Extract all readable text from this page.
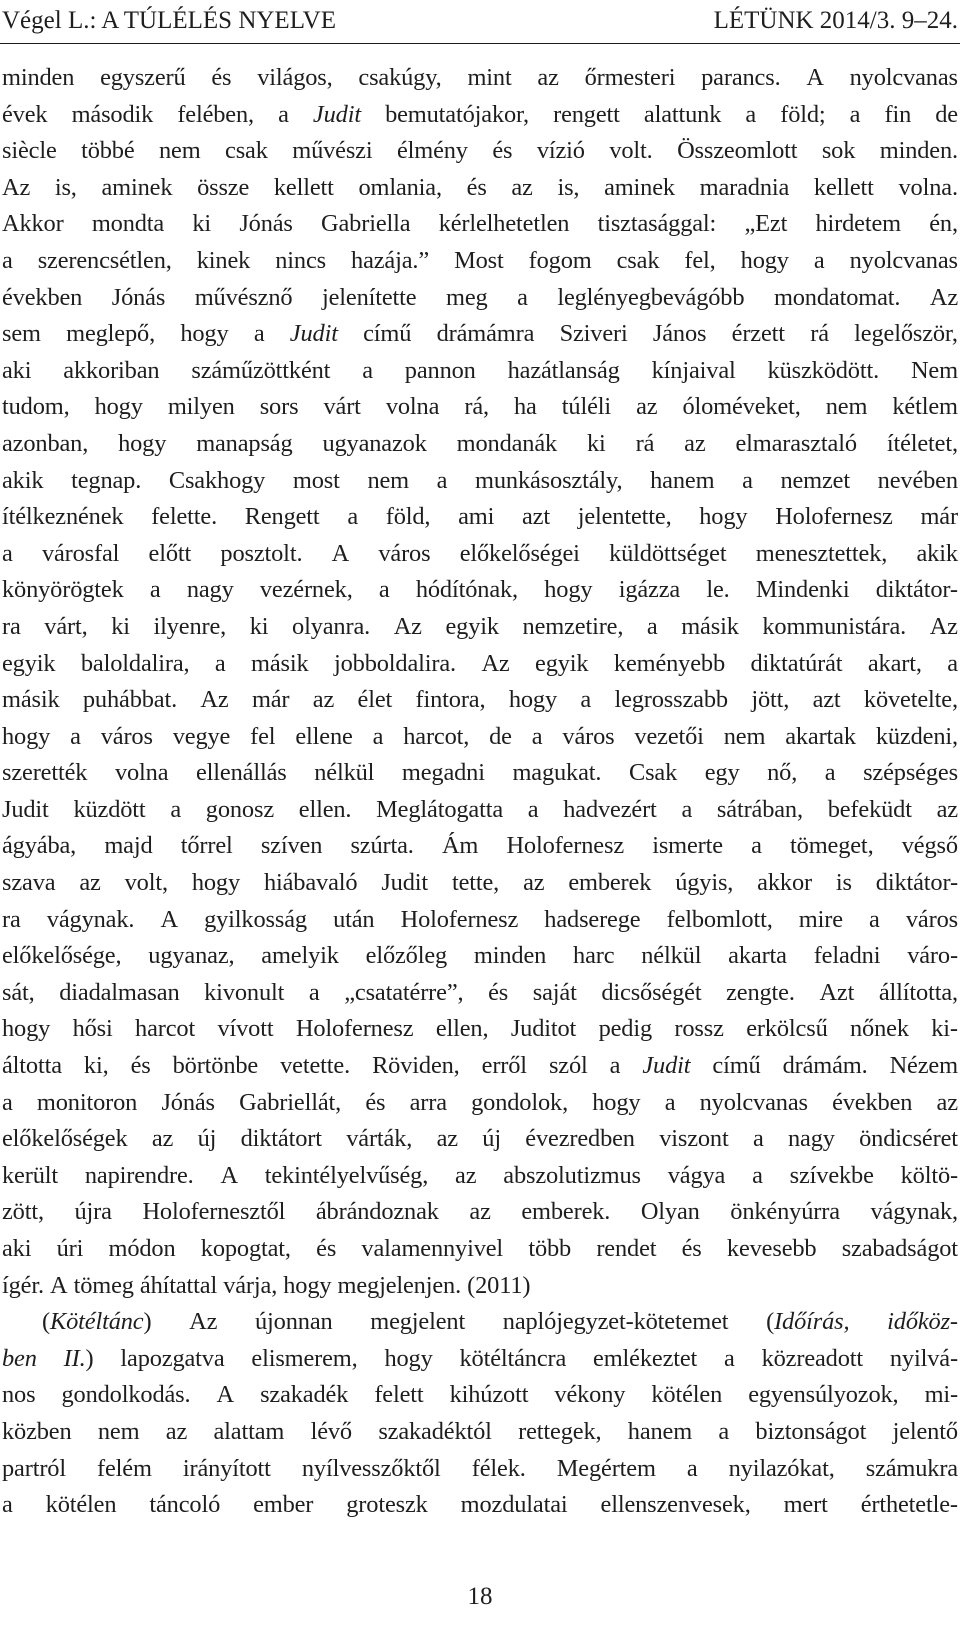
Végel L.: A TÚLÉLÉS NYELVE	LÉTÜNK 2014/3. 9–24.
minden egyszerű és világos, csakúgy, mint az őrmesteri parancs. A nyolcvanas
évek második felében, a Judit bemutatójakor, rengett alattunk a föld; a fin de
siècle többé nem csak művészi élmény és vízió volt. Összeomlott sok minden.
Az is, aminek össze kellett omlania, és az is, aminek maradnia kellett volna.
Akkor mondta ki Jónás Gabriella kérlelhetetlen tisztasággal: „Ezt hirdetem én,
a szerencsétlen, kinek nincs hazája.” Most fogom csak fel, hogy a nyolcvanas
években Jónás művésznő jelenítette meg a leglényegbevágóbb mondatomat. Az
sem meglepő, hogy a Judit című drámámra Sziveri János érzett rá legelőször,
aki akkoriban száműzöttként a pannon hazátlanság kínjaival küszködött. Nem
tudom, hogy milyen sors várt volna rá, ha túléli az óloméveket, nem kétlem
azonban, hogy manapság ugyanazok mondanák ki rá az elmarasztaló ítéletet,
akik tegnap. Csakhogy most nem a munkásosztály, hanem a nemzet nevében
ítélkeznének felette. Rengett a föld, ami azt jelentette, hogy Holofernesz már
a városfal előtt posztolt. A város előkelőségei küldöttséget menesztettek, akik
könyörögtek a nagy vezérnek, a hódítónak, hogy igázza le. Mindenki diktátor-
ra várt, ki ilyenre, ki olyanra. Az egyik nemzetire, a másik kommunistára. Az
egyik baloldalira, a másik jobboldalira. Az egyik keményebb diktatúrát akart, a
másik puhábbat. Az már az élet fintora, hogy a legrosszabb jött, azt követelte,
hogy a város vegye fel ellene a harcot, de a város vezetői nem akartak küzdeni,
szerették volna ellenállás nélkül megadni magukat. Csak egy nő, a szépséges
Judit küzdött a gonosz ellen. Meglátogatta a hadvezért a sátrában, befeküdt az
ágyába, majd tőrrel szíven szúrta. Ám Holofernesz ismerte a tömeget, végső
szava az volt, hogy hiábavaló Judit tette, az emberek úgyis, akkor is diktátor-
ra vágynak. A gyilkosság után Holofernesz hadserege felbomlott, mire a város
előkelősége, ugyanaz, amelyik előzőleg minden harc nélkül akarta feladni váro-
sát, diadalmasan kivonult a „csatatérre”, és saját dicsőségét zengte. Azt állította,
hogy hősi harcot vívott Holofernesz ellen, Juditot pedig rossz erkölcsű nőnek ki-
áltotta ki, és börtönbe vetette. Röviden, erről szól a Judit című drámám. Nézem
a monitoron Jónás Gabriellát, és arra gondolok, hogy a nyolcvanas években az
előkelőségek az új diktátort várták, az új évezredben viszont a nagy öndicséret
került napirendre. A tekintélyelvűség, az abszolutizmus vágya a szívekbe költö-
zött, újra Holofernesztől ábrándoznak az emberek. Olyan önkényúrra vágynak,
aki úri módon kopogtat, és valamennyivel több rendet és kevesebb szabadságot
ígér. A tömeg áhítattal várja, hogy megjelenjen. (2011)
(Kötéltánc) Az újonnan megjelent naplójegyzet-kötetemet (Időírás, időköz-
ben II.) lapozgatva elismerem, hogy kötéltáncra emlékeztet a közreadott nyilvá-
nos gondolkodás. A szakadék felett kihúzott vékony kötélen egyensúlyozok, mi-
közben nem az alattam lévő szakadéktól rettegek, hanem a biztonságot jelentő
partról felém irányított nyílvesszőktől félek. Megértem a nyilazókat, számukra
a kötélen táncoló ember groteszk mozdulatai ellenszenvesek, mert érthetetle-
18
